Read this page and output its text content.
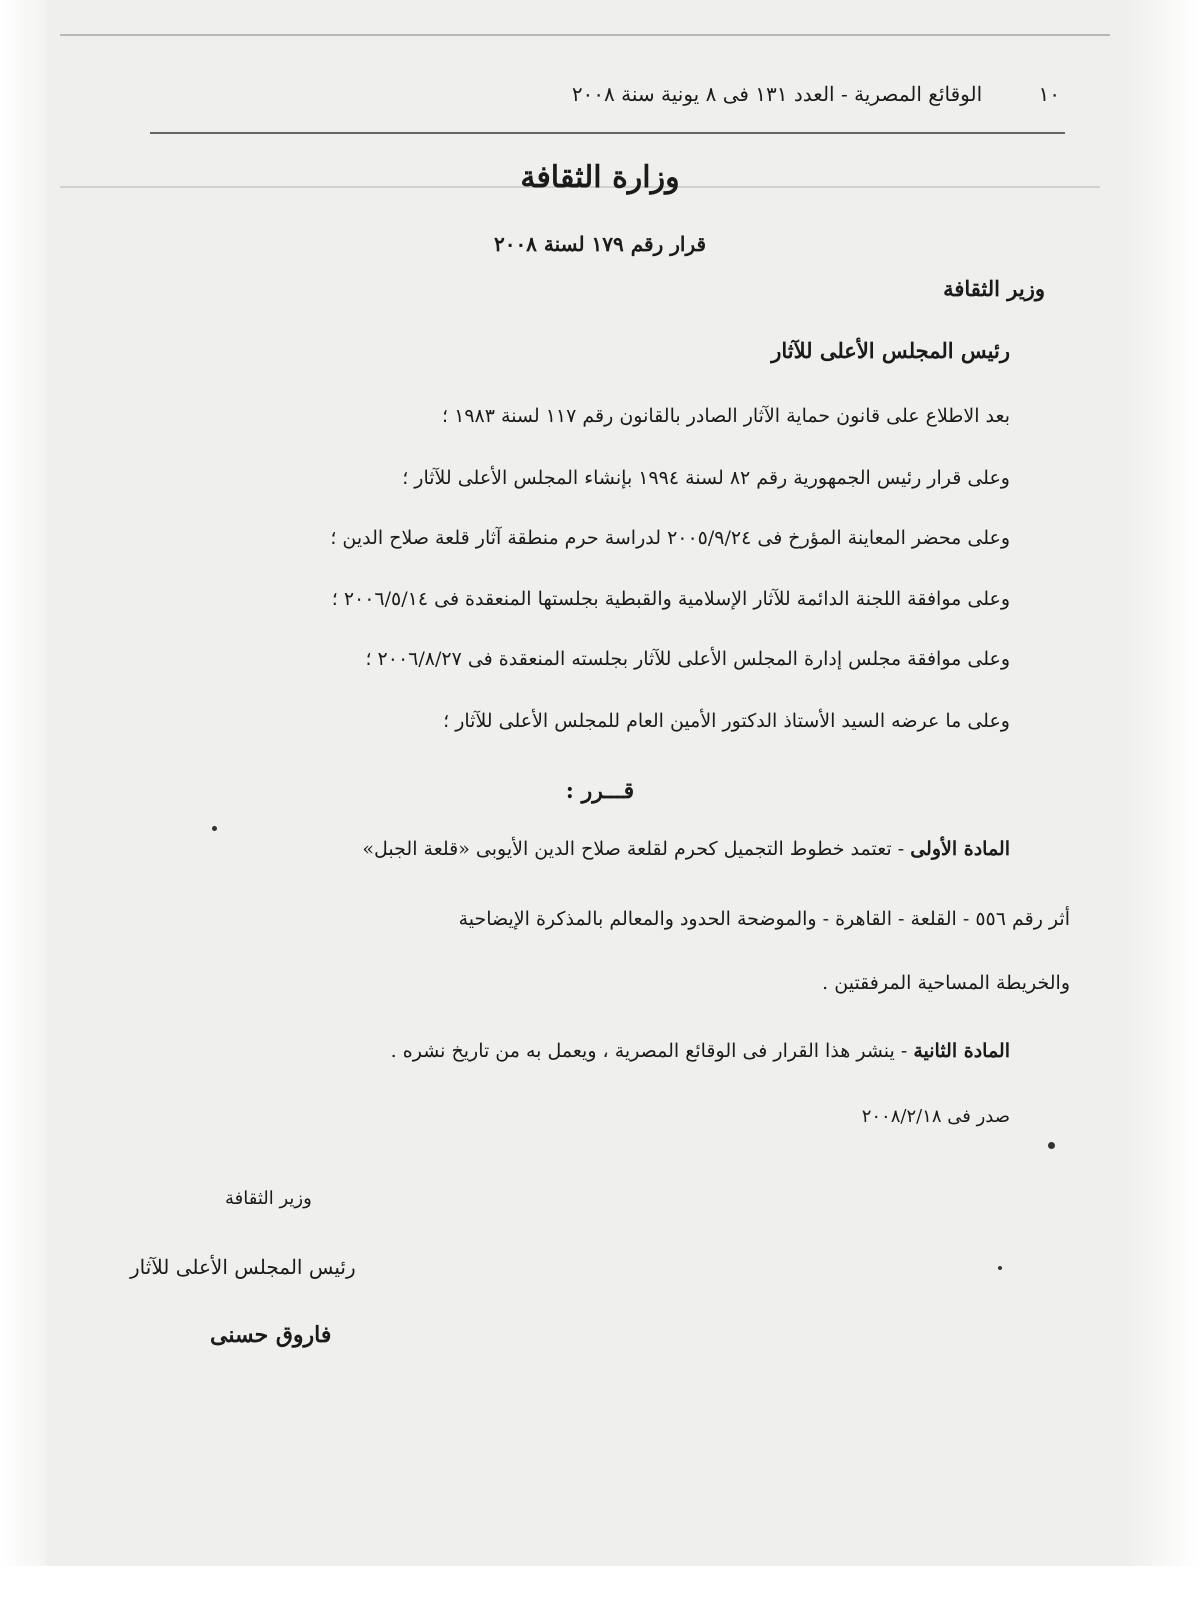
١٠ الوقائع المصرية - العدد ١٣١ فى ٨ يونية سنة ٢٠٠٨
وزارة الثقافة
قرار رقم ١٧٩ لسنة ٢٠٠٨
وزير الثقافة
رئيس المجلس الأعلى للآثار
بعد الاطلاع على قانون حماية الآثار الصادر بالقانون رقم ١١٧ لسنة ١٩٨٣ ؛
وعلى قرار رئيس الجمهورية رقم ٨٢ لسنة ١٩٩٤ بإنشاء المجلس الأعلى للآثار ؛
وعلى محضر المعاينة المؤرخ فى ٢٠٠٥/٩/٢٤ لدراسة حرم منطقة آثار قلعة صلاح الدين ؛
وعلى موافقة اللجنة الدائمة للآثار الإسلامية والقبطية بجلستها المنعقدة فى ٢٠٠٦/٥/١٤ ؛
وعلى موافقة مجلس إدارة المجلس الأعلى للآثار بجلسته المنعقدة فى ٢٠٠٦/٨/٢٧ ؛
وعلى ما عرضه السيد الأستاذ الدكتور الأمين العام للمجلس الأعلى للآثار ؛
قـــرر :
المادة الأولى - تعتمد خطوط التجميل كحرم لقلعة صلاح الدين الأيوبى «قلعة الجبل»
أثر رقم ٥٥٦ - القلعة - القاهرة - والموضحة الحدود والمعالم بالمذكرة الإيضاحية
والخريطة المساحية المرفقتين .
المادة الثانية - ينشر هذا القرار فى الوقائع المصرية ، ويعمل به من تاريخ نشره .
صدر فى ٢٠٠٨/٢/١٨
وزير الثقافة
رئيس المجلس الأعلى للآثار
فاروق حسنى
